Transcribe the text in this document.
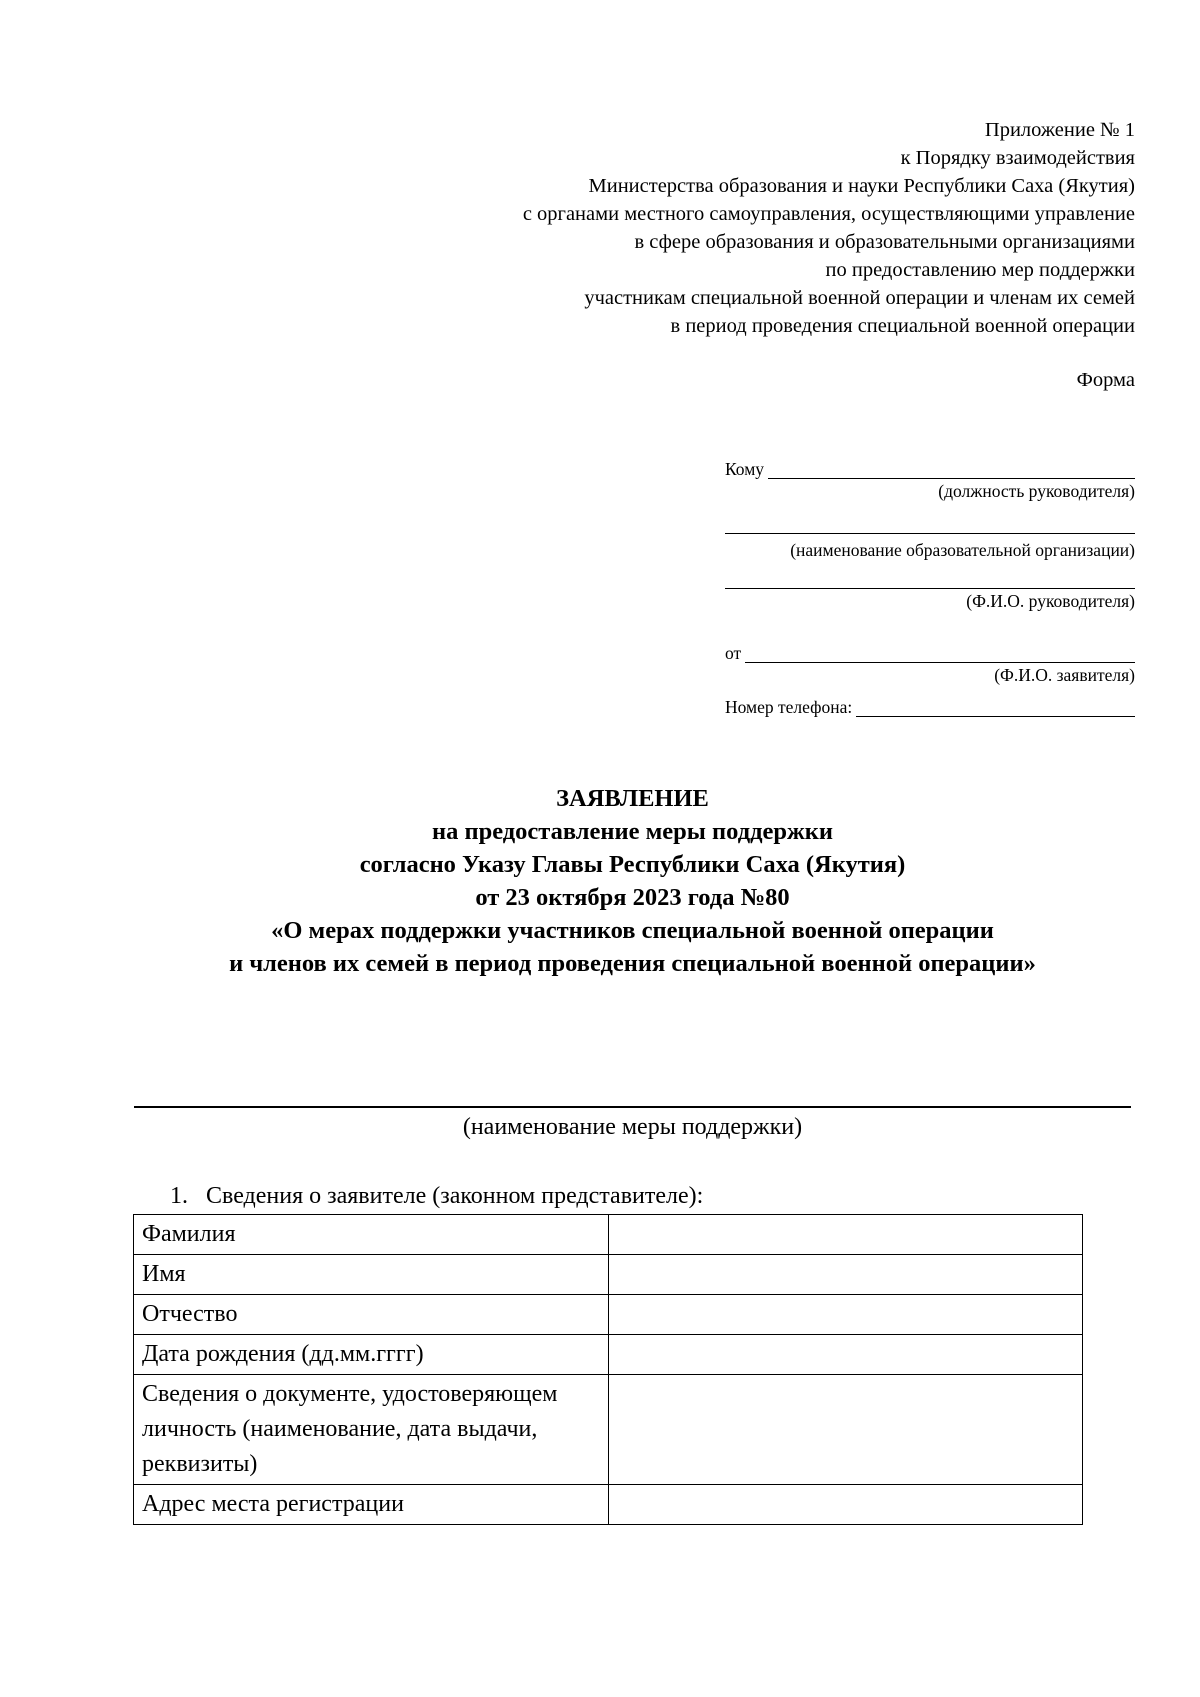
Приложение № 1
к Порядку взаимодействия
Министерства образования и науки Республики Саха (Якутия)
с органами местного самоуправления, осуществляющими управление
в сфере образования и образовательными организациями
по предоставлению мер поддержки
участникам специальной военной операции и членам их семей
в период проведения специальной военной операции
Форма
Кому
(должность руководителя)
(наименование образовательной организации)
(Ф.И.О. руководителя)
от
(Ф.И.О. заявителя)
Номер телефона:
ЗАЯВЛЕНИЕ
на предоставление меры поддержки
согласно Указу Главы Республики Саха (Якутия)
от 23 октября 2023 года №80
«О мерах поддержки участников специальной военной операции
и членов их семей в период проведения специальной военной операции»
(наименование меры поддержки)
1. Сведения о заявителе (законном представителе):
Фамилия	
Имя	
Отчество	
Дата рождения (дд.мм.гггг)	
Сведения о документе, удостоверяющем личность (наименование, дата выдачи, реквизиты)	
Адрес места регистрации	
